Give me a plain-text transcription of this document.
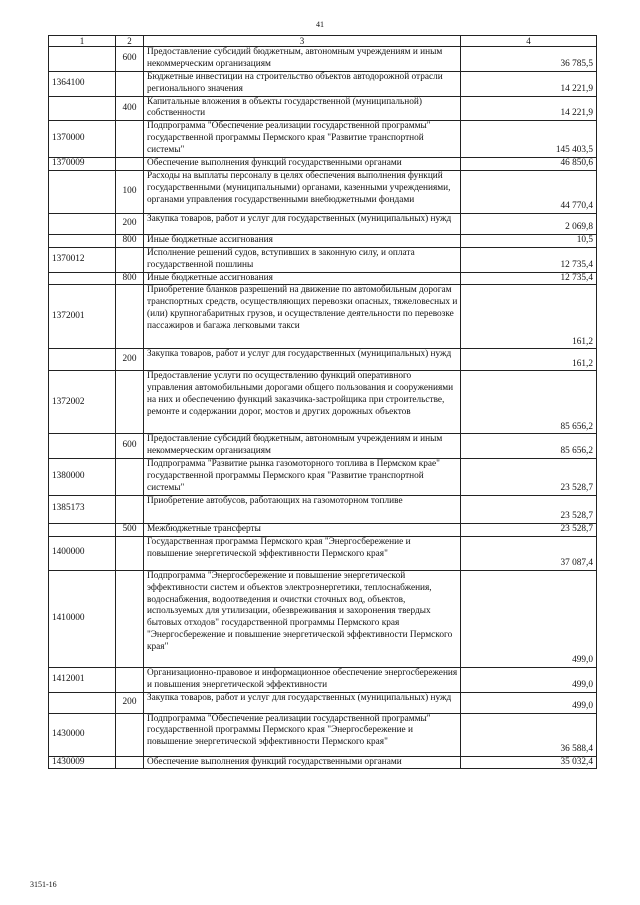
41
1	2	3	4
	600	Предоставление субсидий бюджетным, автономным учреждениям и иным некоммерческим организациям	36 785,5
1364100		Бюджетные инвестиции на строительство объектов автодорожной отрасли регионального значения	14 221,9
	400	Капитальные вложения в объекты государственной (муниципальной) собственности	14 221,9
1370000		Подпрограмма "Обеспечение реализации государственной программы" государственной программы Пермского края "Развитие транспортной системы"	145 403,5
1370009		Обеспечение выполнения функций государственными органами	46 850,6
	100	Расходы на выплаты персоналу в целях обеспечения выполнения функций государственными (муниципальными) органами, казенными учреждениями, органами управления государственными внебюджетными фондами	44 770,4
	200	Закупка товаров, работ и услуг для государственных (муниципальных) нужд	2 069,8
	800	Иные бюджетные ассигнования	10,5
1370012		Исполнение решений судов, вступивших в законную силу, и оплата государственной пошлины	12 735,4
	800	Иные бюджетные ассигнования	12 735,4
1372001		Приобретение бланков разрешений на движение по автомобильным дорогам транспортных средств, осуществляющих перевозки опасных, тяжеловесных и (или) крупногабаритных грузов, и осуществление деятельности по перевозке пассажиров и багажа легковыми такси	161,2
	200	Закупка товаров, работ и услуг для государственных (муниципальных) нужд	161,2
1372002		Предоставление услуги по осуществлению функций оперативного управления автомобильными дорогами общего пользования и сооружениями на них и обеспечению функций заказчика-застройщика при строительстве, ремонте и содержании дорог, мостов и других дорожных объектов	85 656,2
	600	Предоставление субсидий бюджетным, автономным учреждениям и иным некоммерческим организациям	85 656,2
1380000		Подпрограмма "Развитие рынка газомоторного топлива в Пермском крае" государственной программы Пермского края "Развитие транспортной системы"	23 528,7
1385173		Приобретение автобусов, работающих на газомоторном топливе	23 528,7
	500	Межбюджетные трансферты	23 528,7
1400000		Государственная программа Пермского края "Энергосбережение и повышение энергетической эффективности Пермского края"	37 087,4
1410000		Подпрограмма "Энергосбережение и повышение энергетической эффективности систем и объектов электроэнергетики, теплоснабжения, водоснабжения, водоотведения и очистки сточных вод, объектов, используемых для утилизации, обезвреживания и захоронения твердых бытовых отходов" государственной программы Пермского края "Энергосбережение и повышение энергетической эффективности Пермского края"	499,0
1412001		Организационно-правовое и информационное обеспечение энергосбережения и повышения энергетической эффективности	499,0
	200	Закупка товаров, работ и услуг для государственных (муниципальных) нужд	499,0
1430000		Подпрограмма "Обеспечение реализации государственной программы" государственной программы Пермского края "Энергосбережение и повышение энергетической эффективности Пермского края"	36 588,4
1430009		Обеспечение выполнения функций государственными органами	35 032,4
3151-16
